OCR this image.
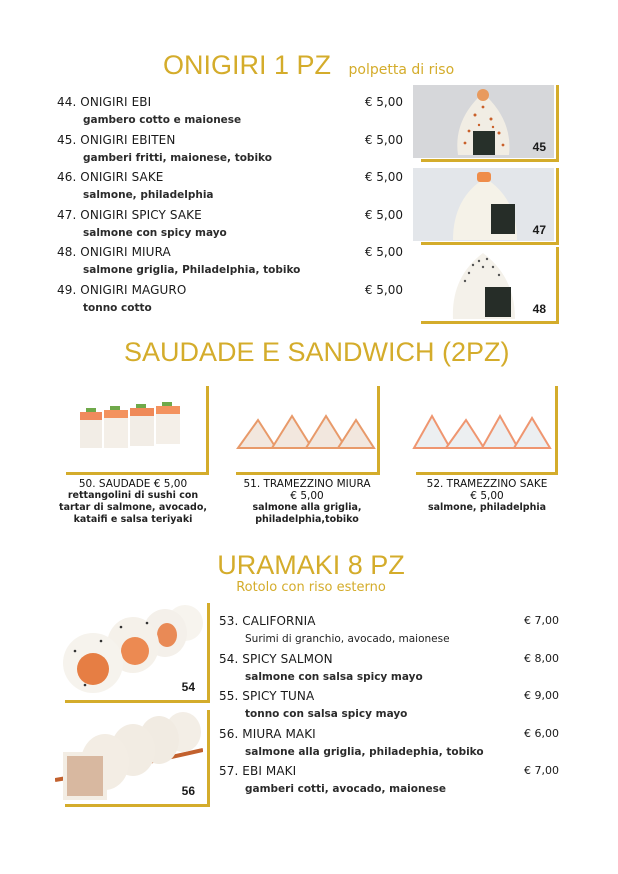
ONIGIRI 1 PZ polpetta di riso
44. ONIGIRI EBI	€ 5,00
gambero cotto e maionese
45. ONIGIRI EBITEN	€ 5,00
gamberi fritti, maionese, tobiko
46. ONIGIRI SAKE	€ 5,00
salmone, philadelphia
47. ONIGIRI SPICY SAKE	€ 5,00
salmone con spicy mayo
48. ONIGIRI MIURA	€ 5,00
salmone griglia, Philadelphia, tobiko
49. ONIGIRI MAGURO	€ 5,00
tonno cotto
45
47
48
SAUDADE E SANDWICH (2PZ)
50. SAUDADE € 5,00
rettangolini di sushi con
tartar di salmone, avocado,
kataifi e salsa teriyaki
51. TRAMEZZINO MIURA
€ 5,00
salmone alla griglia,
philadelphia,tobiko
52. TRAMEZZINO SAKE
€ 5,00
salmone, philadelphia
URAMAKI 8 PZ
Rotolo con riso esterno
54
56
53. CALIFORNIA	€ 7,00
Surimi di granchio, avocado, maionese
54. SPICY SALMON	€ 8,00
salmone con salsa spicy mayo
55. SPICY TUNA	€ 9,00
tonno con salsa spicy mayo
56. MIURA MAKI	€ 6,00
salmone alla griglia, philadephia, tobiko
57. EBI MAKI	€ 7,00
gamberi cotti, avocado, maionese
